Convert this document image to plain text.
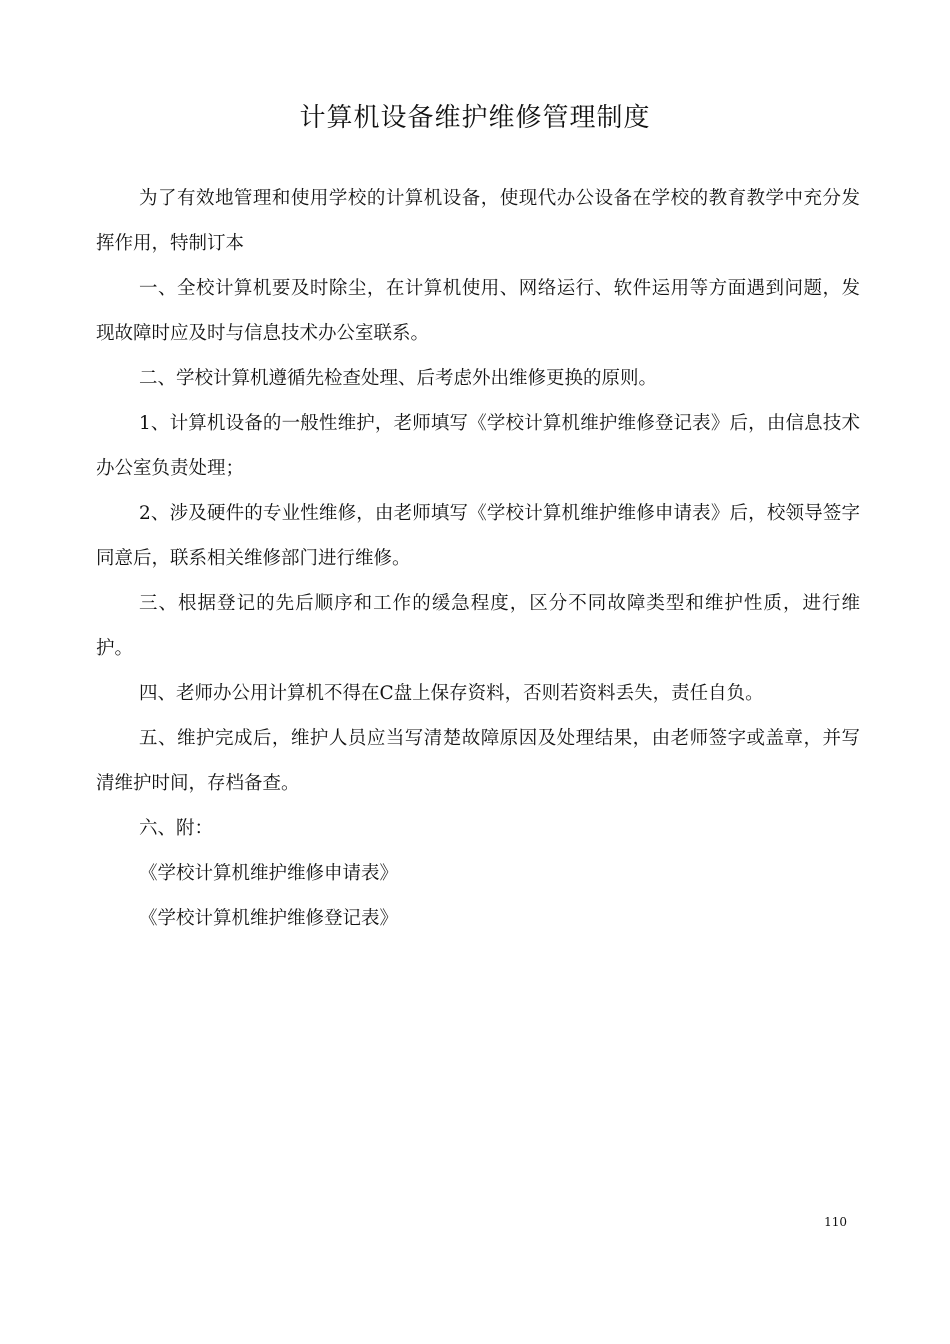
计算机设备维护维修管理制度

为了有效地管理和使用学校的计算机设备，使现代办公设备在学校的教育教学中充分发挥作用，特制订本

一、全校计算机要及时除尘，在计算机使用、网络运行、软件运用等方面遇到问题，发现故障时应及时与信息技术办公室联系。

二、学校计算机遵循先检查处理、后考虑外出维修更换的原则。

1、计算机设备的一般性维护，老师填写《学校计算机维护维修登记表》后，由信息技术办公室负责处理；

2、涉及硬件的专业性维修，由老师填写《学校计算机维护维修申请表》后，校领导签字同意后，联系相关维修部门进行维修。

三、根据登记的先后顺序和工作的缓急程度，区分不同故障类型和维护性质，进行维护。

四、老师办公用计算机不得在C盘上保存资料，否则若资料丢失，责任自负。

五、维护完成后，维护人员应当写清楚故障原因及处理结果，由老师签字或盖章，并写清维护时间，存档备查。

六、附：

《学校计算机维护维修申请表》

《学校计算机维护维修登记表》

110
